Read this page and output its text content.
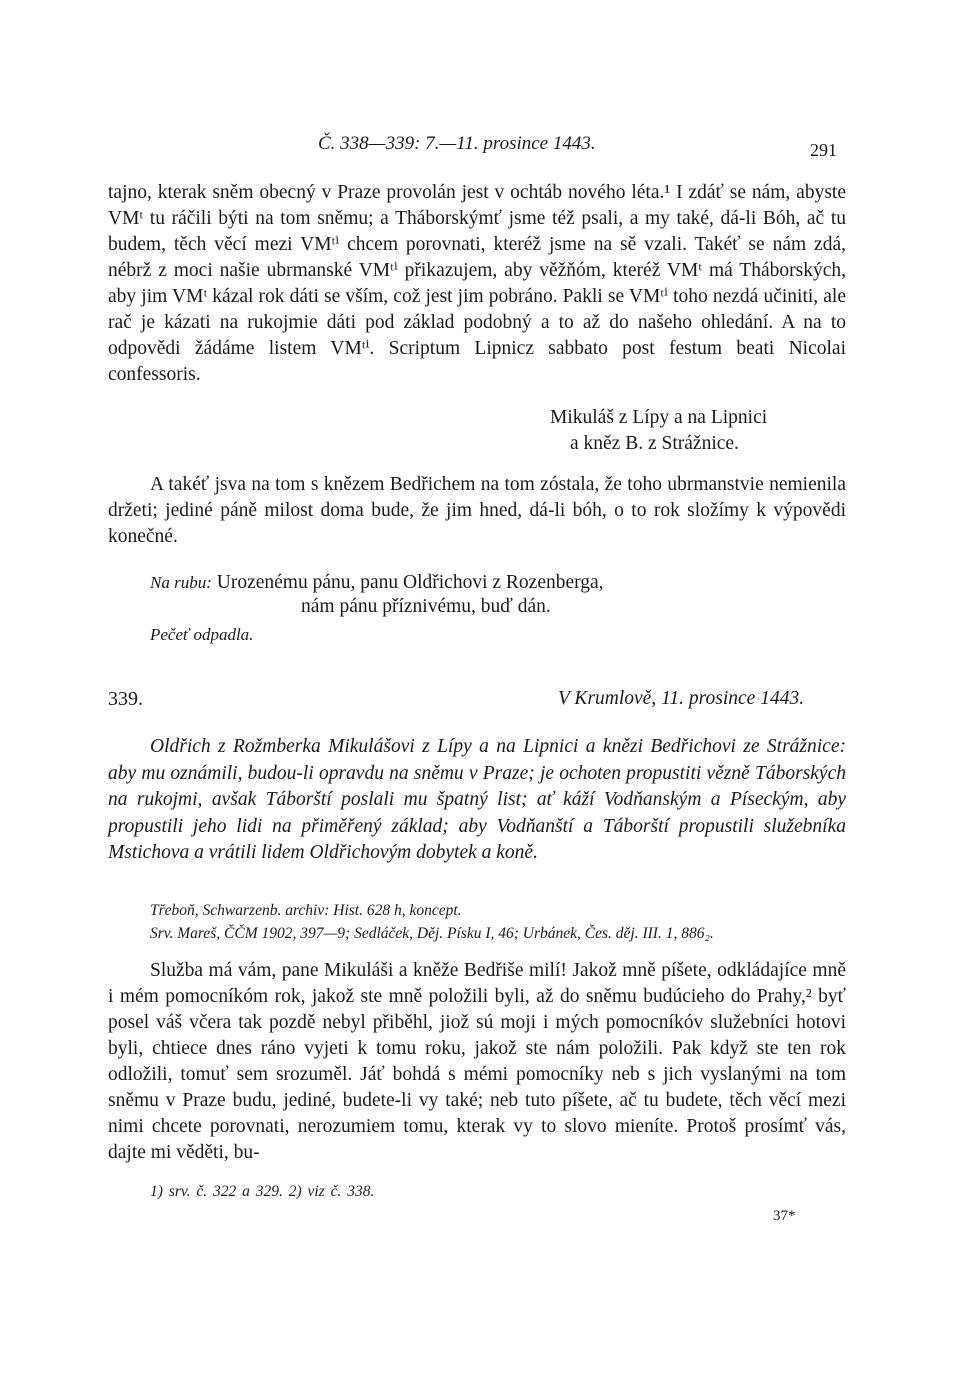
Č. 338—339: 7.—11. prosince 1443.	291

tajno, kterak sněm obecný v Praze provolán jest v ochtáb nového léta.¹ I zdáť se nám, abyste VMᵗ tu ráčili býti na tom sněmu; a Tháborskýmť jsme též psali, a my také, dá-li Bóh, ač tu budem, těch věcí mezi VMᵗⁱ chcem porovnati, kteréž jsme na sě vzali. Takéť se nám zdá, nébrž z moci našie ubrmanské VMᵗⁱ přikazujem, aby věžňóm, kteréž VMᵗ má Tháborských, aby jim VMᵗ kázal rok dáti se vším, což jest jim pobráno. Pakli se VMᵗⁱ toho nezdá učiniti, ale rač je kázati na rukojmie dáti pod základ podobný a to až do našeho ohledání. A na to odpovědi žádáme listem VMᵗⁱ. Scriptum Lipnicz sabbato post festum beati Nicolai confessoris.

Mikuláš z Lípy a na Lipnici
a kněz B. z Strážnice.

A takéť jsva na tom s knězem Bedřichem na tom zóstala, že toho ubrmanstvie nemienila držeti; jediné páně milost doma bude, že jim hned, dá-li bóh, o to rok složímy k výpovědi konečné.

Na rubu: Urozenému pánu, panu Oldřichovi z Rozenberga,
nám pánu příznivému, buď dán.
Pečeť odpadla.
339.	V Krumlově, 11. prosince 1443.

Oldřich z Rožmberka Mikulášovi z Lípy a na Lipnici a knězi Bedřichovi ze Strážnice: aby mu oznámili, budou-li opravdu na sněmu v Praze; je ochoten propustiti vězně Táborských na rukojmi, avšak Táborští poslali mu špatný list; ať káží Vodňanským a Píseckým, aby propustili jeho lidi na přiměřený základ; aby Vodňanští a Táborští propustili služebníka Mstichova a vrátili lidem Oldřichovým dobytek a koně.

Třeboň, Schwarzenb. archiv: Hist. 628 h, koncept.
Srv. Mareš, ČČM 1902, 397—9; Sedláček, Děj. Písku I, 46; Urbánek, Čes. děj. III. 1, 886₂.

Služba má vám, pane Mikuláši a kněže Bedřiše milí! Jakož mně píšete, odkládajíce mně i mém pomocníkóm rok, jakož ste mně položili byli, až do sněmu budúcieho do Prahy,² byť posel váš včera tak pozdě nebyl přiběhl, jiož sú moji i mých pomocníkóv služebníci hotovi byli, chtiece dnes ráno vyjeti k tomu roku, jakož ste nám položili. Pak když ste ten rok odložili, tomuť sem srozuměl. Jáť bohdá s mémi pomocníky neb s jich vyslanými na tom sněmu v Praze budu, jediné, budete-li vy také; neb tuto píšete, ač tu budete, těch věcí mezi nimi chcete porovnati, nerozumiem tomu, kterak vy to slovo mieníte. Protoš prosímť vás, dajte mi věděti, bu-

1) srv. č. 322 a 329. 2) viz č. 338.
37*
